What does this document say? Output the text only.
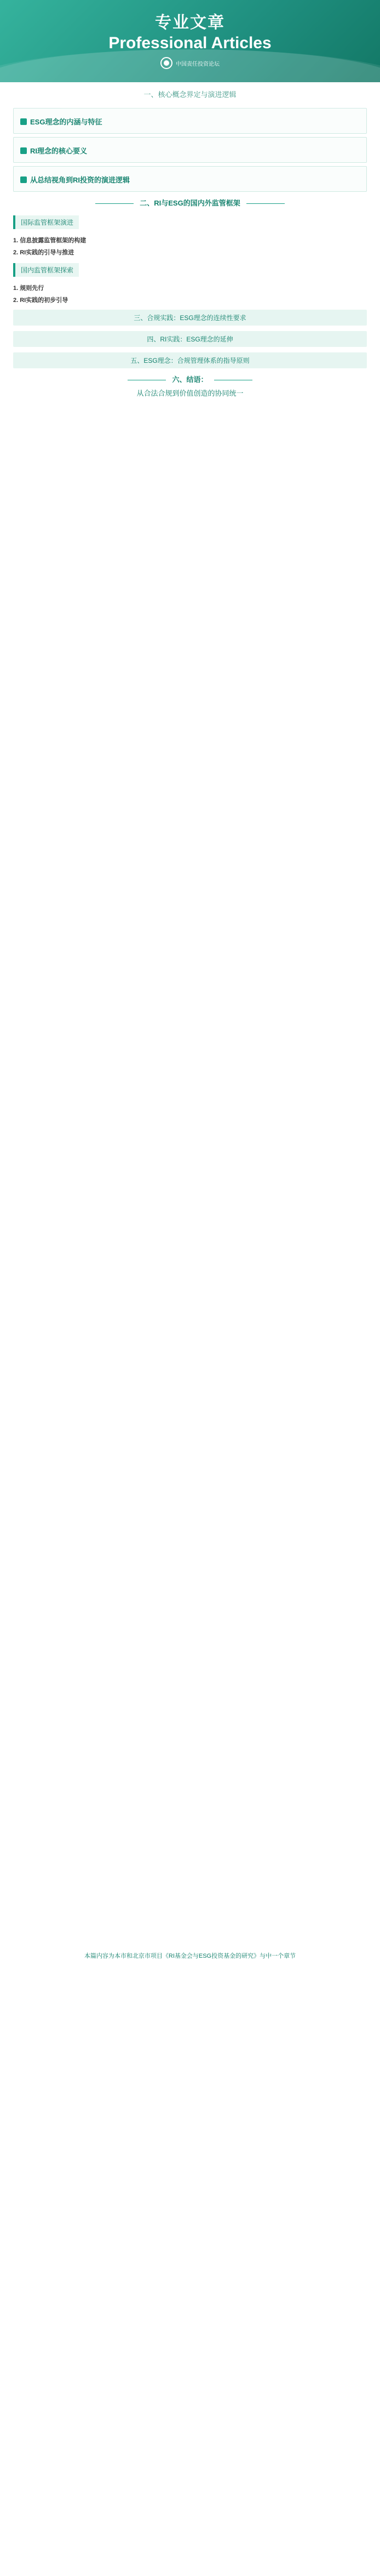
专业文章
Professional Articles
中国责任投资论坛
一、核心概念界定与演进逻辑
ESG理念的内涵与特征
RI理念的核心要义
从总结视角到RI投资的演进逻辑
二、RI与ESG的国内外监管框架
国际监管框架演进
1. 信息披露监管框架的构建
2. RI实践的引导与推进
国内监管框架探索
1. 规则先行
2. RI实践的初步引导
三、合规实践：ESG理念的连续性要求
四、RI实践：ESG理念的延伸
五、ESG理念：合规管理体系的指导原则
六、结语：
从合法合规到价值创造的协同统一
本篇内容为本市和北京市项目《RI基金会与ESG投资基金的研究》与中一个章节
